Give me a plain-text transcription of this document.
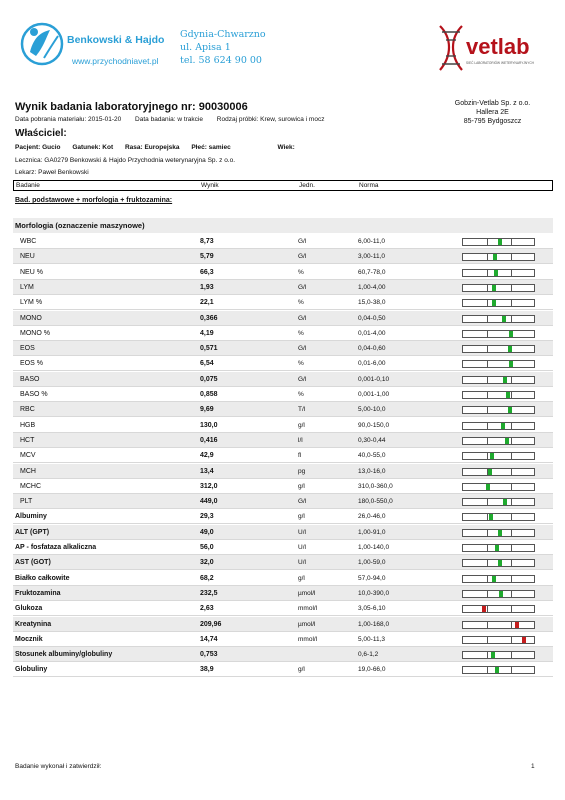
Benkowski & Hajdo
www.przychodniavet.pl
Gdynia-Chwarzno
ul. Apisa 1
tel. 58 624 90 00
vetlab
SIEĆ LABORATORIÓW WETERYNARYJNYCH
Wynik badania laboratoryjnego nr: 90030006
Data pobrania materiału: 2015-01-20 Data badania: w trakcie Rodzaj próbki: Krew, surowica i mocz
Gobzin-Vetlab Sp. z o.o.
Hallera 2E
85-795 Bydgoszcz
Właściciel:
Pacjent: Gucio Gatunek: Kot Rasa: Europejska Płeć: samiec	Wiek:
Lecznica: GA0279 Benkowski & Hajdo Przychodnia weterynaryjna Sp. z o.o.
Lekarz: Paweł Benkowski
Badanie	Wynik	Jedn.	Norma
Bad. podstawowe + morfologia + fruktozamina:
Morfologia (oznaczenie maszynowe)
WBC	8,73	G/l	6,00-11,0
NEU	5,79	G/l	3,00-11,0
NEU %	66,3	%	60,7-78,0
LYM	1,93	G/l	1,00-4,00
LYM %	22,1	%	15,0-38,0
MONO	0,366	G/l	0,04-0,50
MONO %	4,19	%	0,01-4,00
EOS	0,571	G/l	0,04-0,60
EOS %	6,54	%	0,01-6,00
BASO	0,075	G/l	0,001-0,10
BASO %	0,858	%	0,001-1,00
RBC	9,69	T/l	5,00-10,0
HGB	130,0	g/l	90,0-150,0
HCT	0,416	l/l	0,30-0,44
MCV	42,9	fl	40,0-55,0
MCH	13,4	pg	13,0-16,0
MCHC	312,0	g/l	310,0-360,0
PLT	449,0	G/l	180,0-550,0
Albuminy	29,3	g/l	26,0-46,0
ALT (GPT)	49,0	U/l	1,00-91,0
AP - fosfataza alkaliczna	56,0	U/l	1,00-140,0
AST (GOT)	32,0	U/l	1,00-59,0
Białko całkowite	68,2	g/l	57,0-94,0
Fruktozamina	232,5	µmol/l	10,0-390,0
Glukoza	2,63	mmol/l	3,05-6,10
Kreatynina	209,96	µmol/l	1,00-168,0
Mocznik	14,74	mmol/l	5,00-11,3
Stosunek albuminy/globuliny	0,753	0,6-1,2
Globuliny	38,9	g/l	19,0-66,0
Badanie wykonał i zatwierdził:	1
